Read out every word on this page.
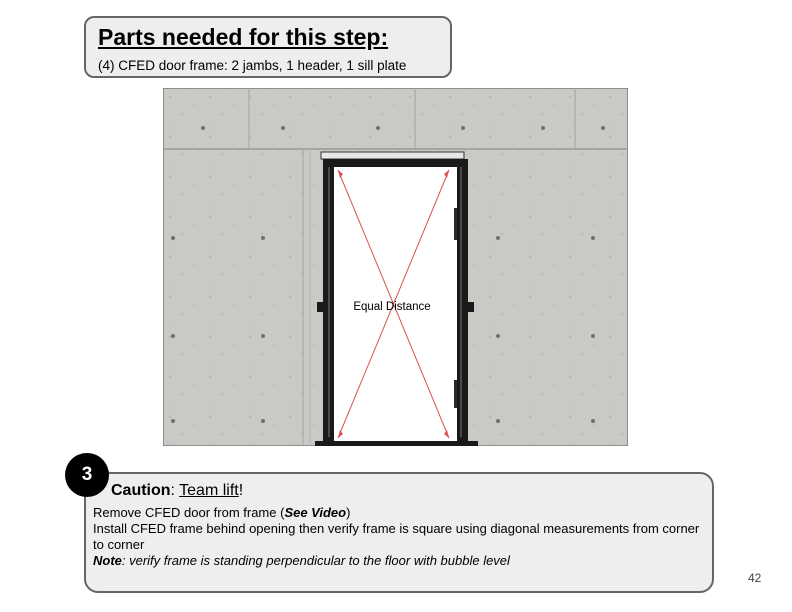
Parts needed for this step:
(4) CFED door frame: 2 jambs, 1 header, 1 sill plate
Equal Distance
3
Caution: Team lift!
Remove CFED door from frame (See Video)
Install CFED frame behind opening then verify frame is square using diagonal measurements from corner to corner
Note: verify frame is standing perpendicular to the floor with bubble level
42
